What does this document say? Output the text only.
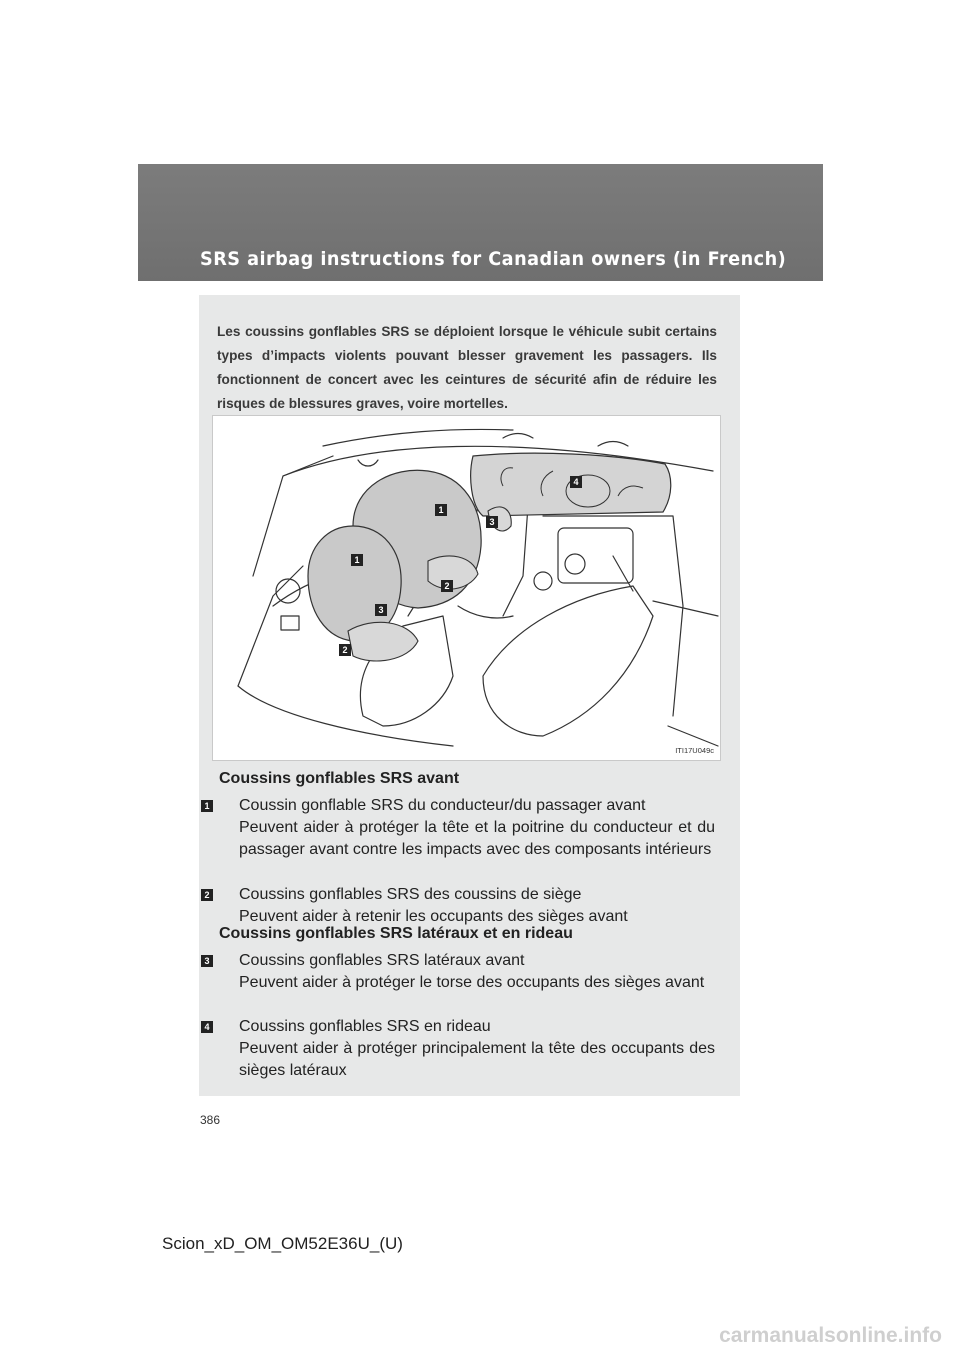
SRS airbag instructions for Canadian owners (in French)

Les coussins gonflables SRS se déploient lorsque le véhicule subit certains types d’impacts violents pouvant blesser gravement les passagers. Ils fonctionnent de concert avec les ceintures de sécurité afin de réduire les risques de blessures graves, voire mortelles.

1
3
4
1
2
3
2
ITI17U049c
Coussins gonflables SRS avant
1 Coussin gonflable SRS du conducteur/du passager avant
Peuvent aider à protéger la tête et la poitrine du conducteur et du passager avant contre les impacts avec des composants intérieurs
2 Coussins gonflables SRS des coussins de siège
Peuvent aider à retenir les occupants des sièges avant
Coussins gonflables SRS latéraux et en rideau
3 Coussins gonflables SRS latéraux avant
Peuvent aider à protéger le torse des occupants des sièges avant
4 Coussins gonflables SRS en rideau
Peuvent aider à protéger principalement la tête des occupants des sièges latéraux
386
Scion_xD_OM_OM52E36U_(U)
carmanualsonline.info
